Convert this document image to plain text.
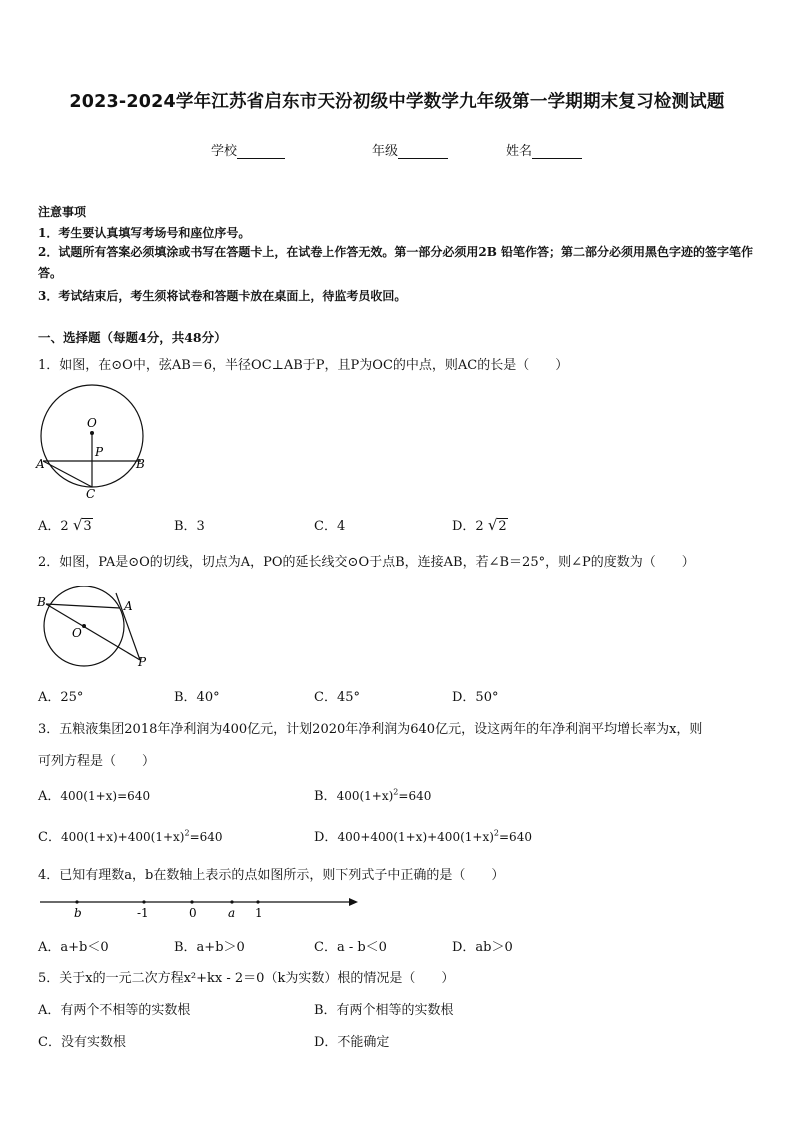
2023-2024学年江苏省启东市天汾初级中学数学九年级第一学期期末复习检测试题
学校	年级	姓名
注意事项
1．考生要认真填写考场号和座位序号。
2．试题所有答案必须填涂或书写在答题卡上，在试卷上作答无效。第一部分必须用2B 铅笔作答；第二部分必须用黑色字迹的签字笔作答。
3．考试结束后，考生须将试卷和答题卡放在桌面上，待监考员收回。
一、选择题（每题4分，共48分）
1．如图，在⊙O中，弦AB＝6，半径OC⊥AB于P，且P为OC的中点，则AC的长是（　　）
O
P
A	B
C
A．2 √3	B．3	C．4	D．2 √2
2．如图，PA是⊙O的切线，切点为A，PO的延长线交⊙O于点B，连接AB，若∠B＝25°，则∠P的度数为（　　）
B	A
O
P
A．25°	B．40°	C．45°	D．50°
3．五粮液集团2018年净利润为400亿元，计划2020年净利润为640亿元，设这两年的年净利润平均增长率为x，则
可列方程是（　　）
A．400(1+x)=640	B．$400(1+x)^2=640$
C．$400(1+x)+400(1+x)^2=640$	D．$400+400(1+x)+400(1+x)^2=640$
4．已知有理数a，b在数轴上表示的点如图所示，则下列式子中正确的是（　　）
b	-1	0	a 1
A．a+b＜0	B．a+b＞0	C．a - b＜0	D．ab＞0
5．关于x的一元二次方程x²+kx - 2＝0（k为实数）根的情况是（　　）
A．有两个不相等的实数根	B．有两个相等的实数根
C．没有实数根	D．不能确定
